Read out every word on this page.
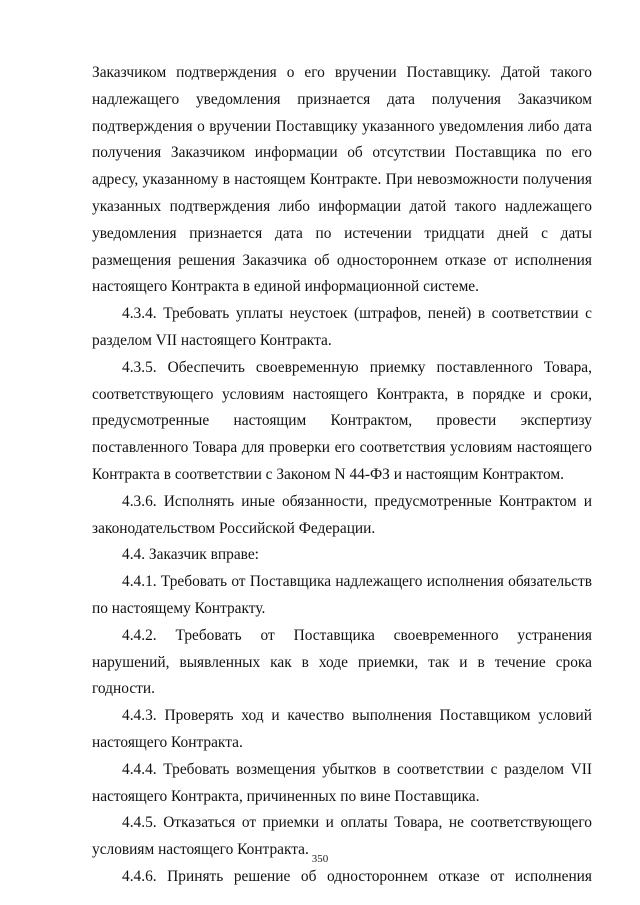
Заказчиком подтверждения о его вручении Поставщику. Датой такого надлежащего уведомления признается дата получения Заказчиком подтверждения о вручении Поставщику указанного уведомления либо дата получения Заказчиком информации об отсутствии Поставщика по его адресу, указанному в настоящем Контракте. При невозможности получения указанных подтверждения либо информации датой такого надлежащего уведомления признается дата по истечении тридцати дней с даты размещения решения Заказчика об одностороннем отказе от исполнения настоящего Контракта в единой информационной системе.

4.3.4. Требовать уплаты неустоек (штрафов, пеней) в соответствии с разделом VII настоящего Контракта.

4.3.5. Обеспечить своевременную приемку поставленного Товара, соответствующего условиям настоящего Контракта, в порядке и сроки, предусмотренные настоящим Контрактом, провести экспертизу поставленного Товара для проверки его соответствия условиям настоящего Контракта в соответствии с Законом N 44-ФЗ и настоящим Контрактом.

4.3.6. Исполнять иные обязанности, предусмотренные Контрактом и законодательством Российской Федерации.

4.4. Заказчик вправе:

4.4.1. Требовать от Поставщика надлежащего исполнения обязательств по настоящему Контракту.

4.4.2. Требовать от Поставщика своевременного устранения нарушений, выявленных как в ходе приемки, так и в течение срока годности.

4.4.3. Проверять ход и качество выполнения Поставщиком условий настоящего Контракта.

4.4.4. Требовать возмещения убытков в соответствии с разделом VII настоящего Контракта, причиненных по вине Поставщика.

4.4.5. Отказаться от приемки и оплаты Товара, не соответствующего условиям настоящего Контракта.

4.4.6. Принять решение об одностороннем отказе от исполнения

350
